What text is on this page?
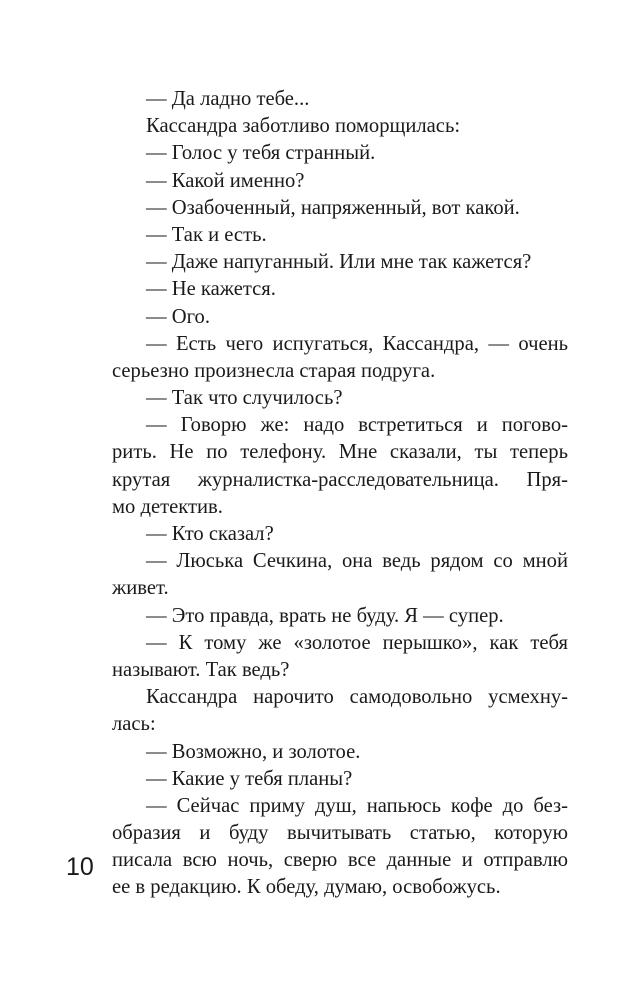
— Да ладно тебе...
Кассандра заботливо поморщилась:
— Голос у тебя странный.
— Какой именно?
— Озабоченный, напряженный, вот какой.
— Так и есть.
— Даже напуганный. Или мне так кажется?
— Не кажется.
— Ого.
— Есть чего испугаться, Кассандра, — очень
серьезно произнесла старая подруга.
— Так что случилось?
— Говорю же: надо встретиться и погово-
рить. Не по телефону. Мне сказали, ты теперь
крутая журналистка-расследовательница. Пря-
мо детектив.
— Кто сказал?
— Люська Сечкина, она ведь рядом со мной
живет.
— Это правда, врать не буду. Я — супер.
— К тому же «золотое перышко», как тебя
называют. Так ведь?
Кассандра нарочито самодовольно усмехну-
лась:
— Возможно, и золотое.
— Какие у тебя планы?
— Сейчас приму душ, напьюсь кофе до без-
образия и буду вычитывать статью, которую
писала всю ночь, сверю все данные и отправлю
ее в редакцию. К обеду, думаю, освобожусь.
10
